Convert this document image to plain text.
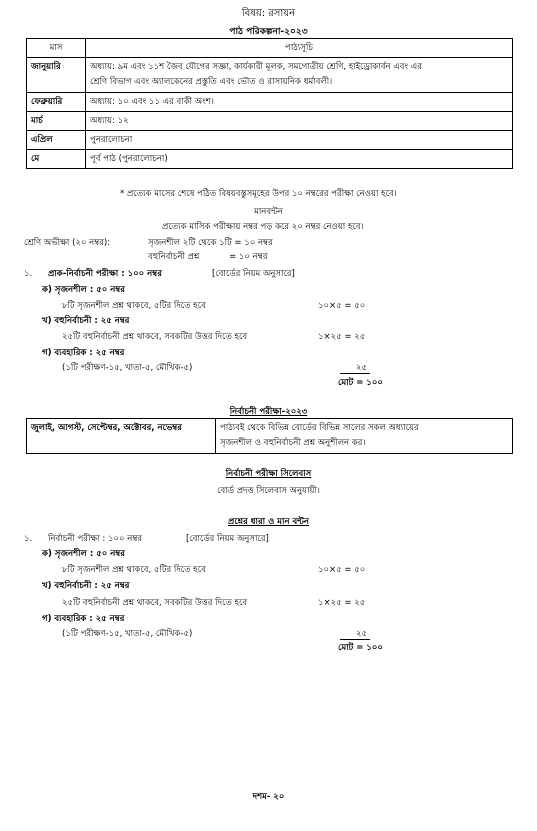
বিষয়: রসায়ন
পাঠ পরিকল্পনা-২০২৩
মাস	পাঠ্যসূচি
জানুয়ারি	অধ্যায়: ৯ম এবং ১১শ জৈব যৌগের সজ্ঞা, কার্যকারী মূলক, সমগোত্রীয় শ্রেণি, হাইড্রোকার্বন এবং এর
শ্রেণি বিভাগ এবং অ্যালকেনের প্রস্তুতি এবং ভৌত ও রাসায়নিক ধর্মাবলী।

ফেব্রুয়ারি	অধ্যায়: ১০ এবং ১১ এর বাকী অংশ।
মার্চ	অধ্যায়: ১২
এপ্রিল	পুনরালোচনা
মে	পূর্ব পাঠ (পুনরালোচনা)
* প্রত্যেক মাসের শেষে পঠিত বিষয়বস্তুসমূহের উপর ১০ নম্বরের পরীক্ষা নেওয়া হবে।
মানবন্টন
প্রত্যেক মাসিক পরীক্ষায় নম্বর পড় করে ২০ নম্বর নেওয়া হবে।
শ্রেণি অভীক্ষা (২০ নম্বর):	সৃজনশীল ২টি থেকে ১টি = ১০ নম্বর
বহুনির্বাচনী প্রশ্ন           = ১০ নম্বর
১. প্রাক-নির্বাচনী পরীক্ষা : ১০০ নম্বর	[বোর্ডের নিয়ম অনুসারে]
ক) সৃজনশীল : ৫০ নম্বর
৮টি সৃজনশীল প্রশ্ন থাকবে, ৫টির দিতে হবে	১০×৫ = ৫০
খ) বহুনির্বাচনী : ২৫ নম্বর
২৫টি বহুনির্বাচনী প্রশ্ন থাকবে, সবকটির উত্তর দিতে হবে	১×২৫ = ২৫
গ) ব্যবহারিক : ২৫ নম্বর
(১টি পরীক্ষণ-১৫, খাতা-৫, মৌখিক-৫)	২৫
মোট = ১০০
নির্বাচনী পরীক্ষা-২০২৩
জুলাই, আগস্ট, সেপ্টেম্বর, অক্টোবর, নভেম্বর	পাঠ্যবই থেকে বিভিন্ন বোর্ডের বিভিন্ন সালের সকল অধ্যায়ের
সৃজনশীল ও বহুনির্বাচনী প্রশ্ন অনুশীলন কর।
নির্বাচনী পরীক্ষা সিলেবাস
বোর্ড প্রদত্ত সিলেবাস অনুযায়ী।
প্রশ্নের ধারা ও মান বন্টন
১. নির্বাচনী পরীক্ষা : ১০০ নম্বর	[বোর্ডের নিয়ম অনুসারে]
ক) সৃজনশীল : ৫০ নম্বর
৮টি সৃজনশীল প্রশ্ন থাকবে, ৫টির দিতে হবে	১০×৫ = ৫০
খ) বহুনির্বাচনী : ২৫ নম্বর
২৫টি বহুনির্বাচনী প্রশ্ন থাকবে, সবকটির উত্তর দিতে হবে	১×২৫ = ২৫
গ) ব্যবহারিক : ২৫ নম্বর
(১টি পরীক্ষণ-১৫, খাতা-৫, মৌখিক-৫)	২৫
মোট = ১০০
দশম- ২০
